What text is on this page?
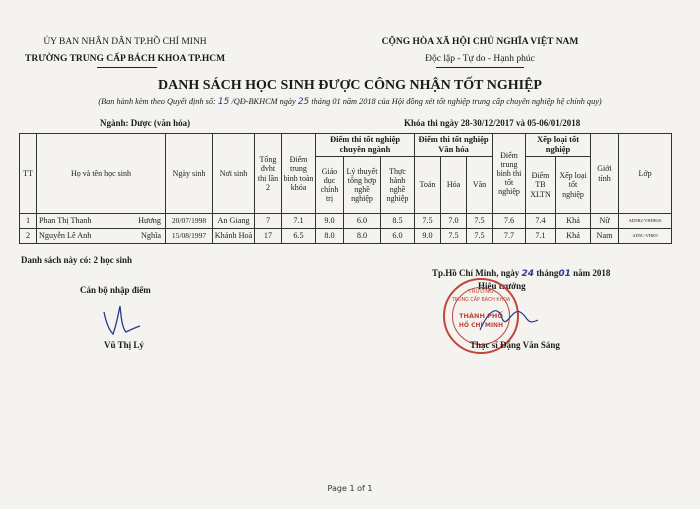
ỦY BAN NHÂN DÂN TP.HỒ CHÍ MINH
TRƯỜNG TRUNG CẤP BÁCH KHOA TP.HCM
CỘNG HÒA XÃ HỘI CHỦ NGHĨA VIỆT NAM
Độc lập - Tự do - Hạnh phúc
DANH SÁCH HỌC SINH ĐƯỢC CÔNG NHẬN TỐT NGHIỆP
(Ban hành kèm theo Quyết định số: 15 /QĐ-BKHCM ngày 25 tháng 01 năm 2018 của Hội đồng xét tốt nghiệp trung cấp chuyên nghiệp hệ chính quy)
Ngành: Dược (văn hóa)	Khóa thi ngày 28-30/12/2017 và 05-06/01/2018
TT	Họ và tên học sinh	Ngày sinh	Nơi sinh	Tổng đvht thi lần 2	Điểm trung bình toàn khóa	Điểm thi tốt nghiệp chuyên ngành			Điểm thi tốt nghiệp Văn hóa			Điểm trung bình thi tốt nghiệp	Xếp loại tốt nghiệp		Giới tính	Lớp
						Giáo dục chính trị	Lý thuyết tổng hợp nghề nghiệp	Thực hành nghề nghiệp	Toán	Hóa	Văn		Điểm TB XLTN	Xếp loại tốt nghiệp		
1	Phan Thị Thanh Hương	20/07/1998	An Giang	7	7.1	9.0	6.0	8.5	7.5	7.0	7.5	7.6	7.4	Khá	Nữ	AD5B2-VHDB16
2	Nguyễn Lê Anh Nghĩa	15/08/1997	Khánh Hoà	17	6.5	8.0	8.0	6.0	9.0	7.5	7.5	7.7	7.1	Khá	Nam	AD5C-VHK9
Danh sách này có: 2 học sinh
Cán bộ nhập điểm
Vũ Thị Lý
Tp.Hồ Chí Minh, ngày 24 tháng01 năm 2018
Hiệu trưởng
TRƯỜNG
TRUNG CẤP BÁCH KHOA
THÀNH PHỐ
HỒ CHÍ MINH
Thạc sĩ Đặng Văn Sáng
Page 1 of 1
